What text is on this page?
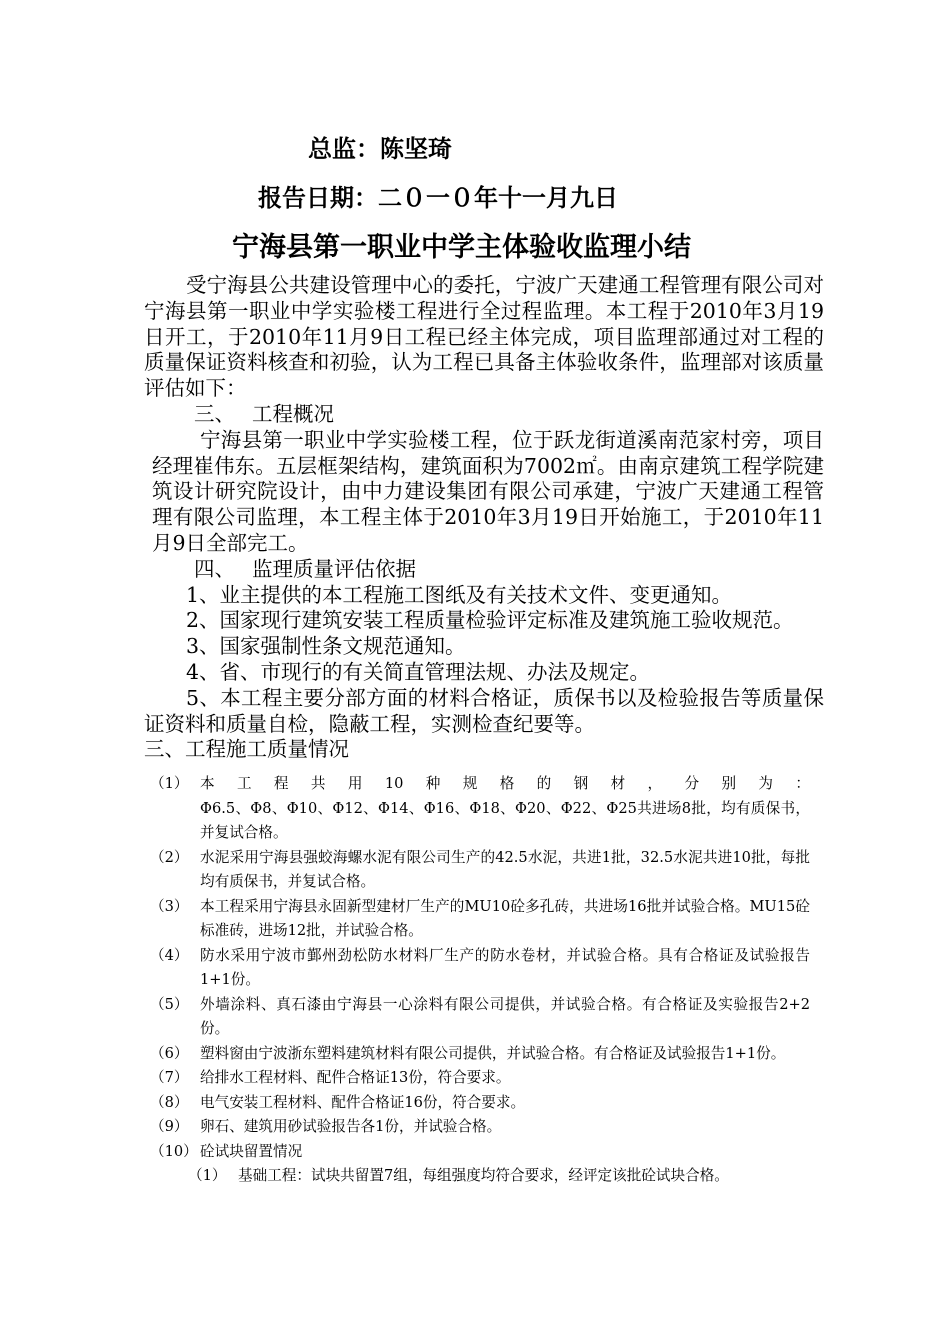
总监：陈坚琦
报告日期：二０一０年十一月九日
宁海县第一职业中学主体验收监理小结

受宁海县公共建设管理中心的委托，宁波广天建通工程管理有限公司对宁海县第一职业中学实验楼工程进行全过程监理。本工程于2010年3月19日开工，于2010年11月9日工程已经主体完成，项目监理部通过对工程的质量保证资料核查和初验，认为工程已具备主体验收条件，监理部对该质量评估如下：

三、 工程概况

宁海县第一职业中学实验楼工程，位于跃龙街道溪南范家村旁，项目经理崔伟东。五层框架结构，建筑面积为7002㎡。由南京建筑工程学院建筑设计研究院设计，由中力建设集团有限公司承建，宁波广天建通工程管理有限公司监理，本工程主体于2010年3月19日开始施工，于2010年11月9日全部完工。

四、 监理质量评估依据

1、业主提供的本工程施工图纸及有关技术文件、变更通知。

2、国家现行建筑安装工程质量检验评定标准及建筑施工验收规范。

3、国家强制性条文规范通知。

4、省、市现行的有关简直管理法规、办法及规定。

5、本工程主要分部方面的材料合格证，质保书以及检验报告等质量保证资料和质量自检，隐蔽工程，实测检查纪要等。

三、工程施工质量情况
（1） 本工程共用10种规格的钢材，分别为：
Φ6.5、Φ8、Φ10、Φ12、Φ14、Φ16、Φ18、Φ20、Φ22、Φ25共进场8批，均有质保书，并复试合格。
（2） 水泥采用宁海县强蛟海螺水泥有限公司生产的42.5水泥，共进1批，32.5水泥共进10批，每批均有质保书，并复试合格。
（3） 本工程采用宁海县永固新型建材厂生产的MU10砼多孔砖，共进场16批并试验合格。MU15砼标准砖，进场12批，并试验合格。
（4） 防水采用宁波市鄞州劲松防水材料厂生产的防水卷材，并试验合格。具有合格证及试验报告1+1份。
（5） 外墙涂料、真石漆由宁海县一心涂料有限公司提供，并试验合格。有合格证及实验报告2+2份。
（6） 塑料窗由宁波浙东塑料建筑材料有限公司提供，并试验合格。有合格证及试验报告1+1份。
（7） 给排水工程材料、配件合格证13份，符合要求。
（8） 电气安装工程材料、配件合格证16份，符合要求。
（9） 卵石、建筑用砂试验报告各1份，并试验合格。
（10） 砼试块留置情况
（1） 基础工程：试块共留置7组，每组强度均符合要求，经评定该批砼试块合格。
